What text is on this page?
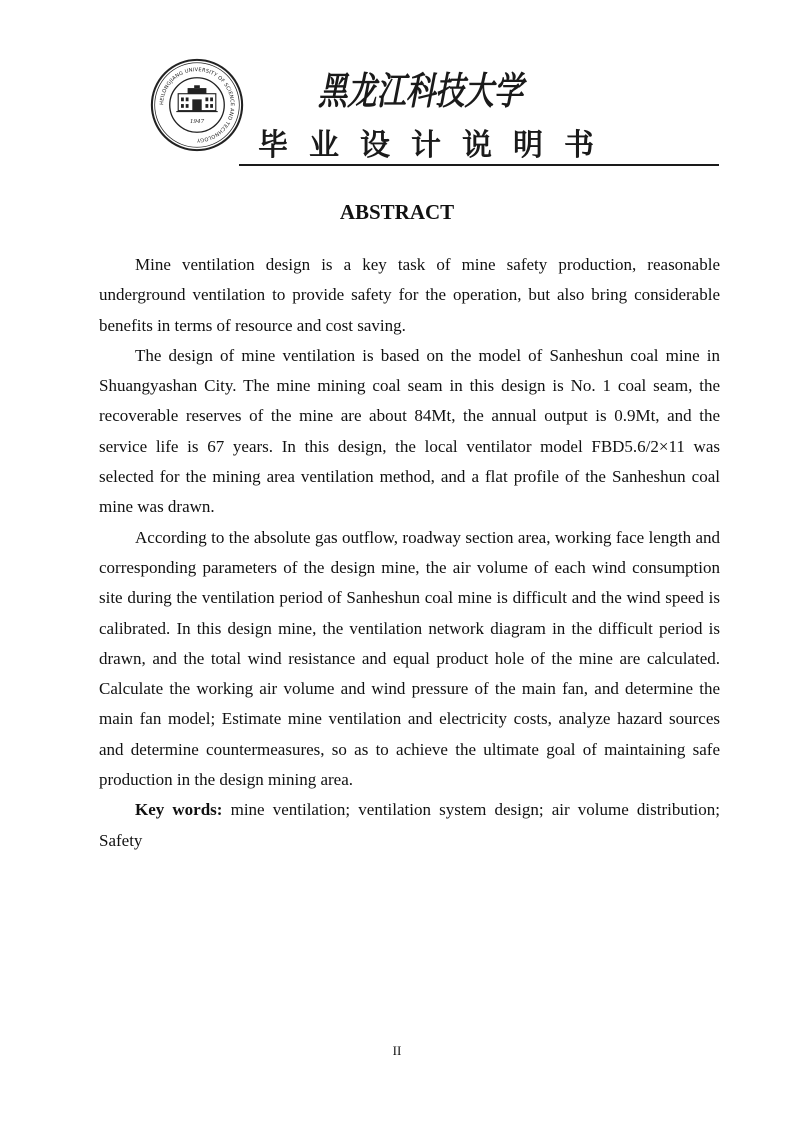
HEILONGJIANG UNIVERSITY OF SCIENCE AND TECHNOLOGY
1947
黑龙江科技大学
毕业设计说明书
ABSTRACT

Mine ventilation design is a key task of mine safety production, reasonable underground ventilation to provide safety for the operation, but also bring considerable benefits in terms of resource and cost saving.

The design of mine ventilation is based on the model of Sanheshun coal mine in Shuangyashan City. The mine mining coal seam in this design is No. 1 coal seam, the recoverable reserves of the mine are about 84Mt, the annual output is 0.9Mt, and the service life is 67 years. In this design, the local ventilator model FBD5.6/2×11 was selected for the mining area ventilation method, and a flat profile of the Sanheshun coal mine was drawn.

According to the absolute gas outflow, roadway section area, working face length and corresponding parameters of the design mine, the air volume of each wind consumption site during the ventilation period of Sanheshun coal mine is difficult and the wind speed is calibrated. In this design mine, the ventilation network diagram in the difficult period is drawn, and the total wind resistance and equal product hole of the mine are calculated. Calculate the working air volume and wind pressure of the main fan, and determine the main fan model; Estimate mine ventilation and electricity costs, analyze hazard sources and determine countermeasures, so as to achieve the ultimate goal of maintaining safe production in the design mining area.

Key words: mine ventilation; ventilation system design; air volume distribution; Safety

II
